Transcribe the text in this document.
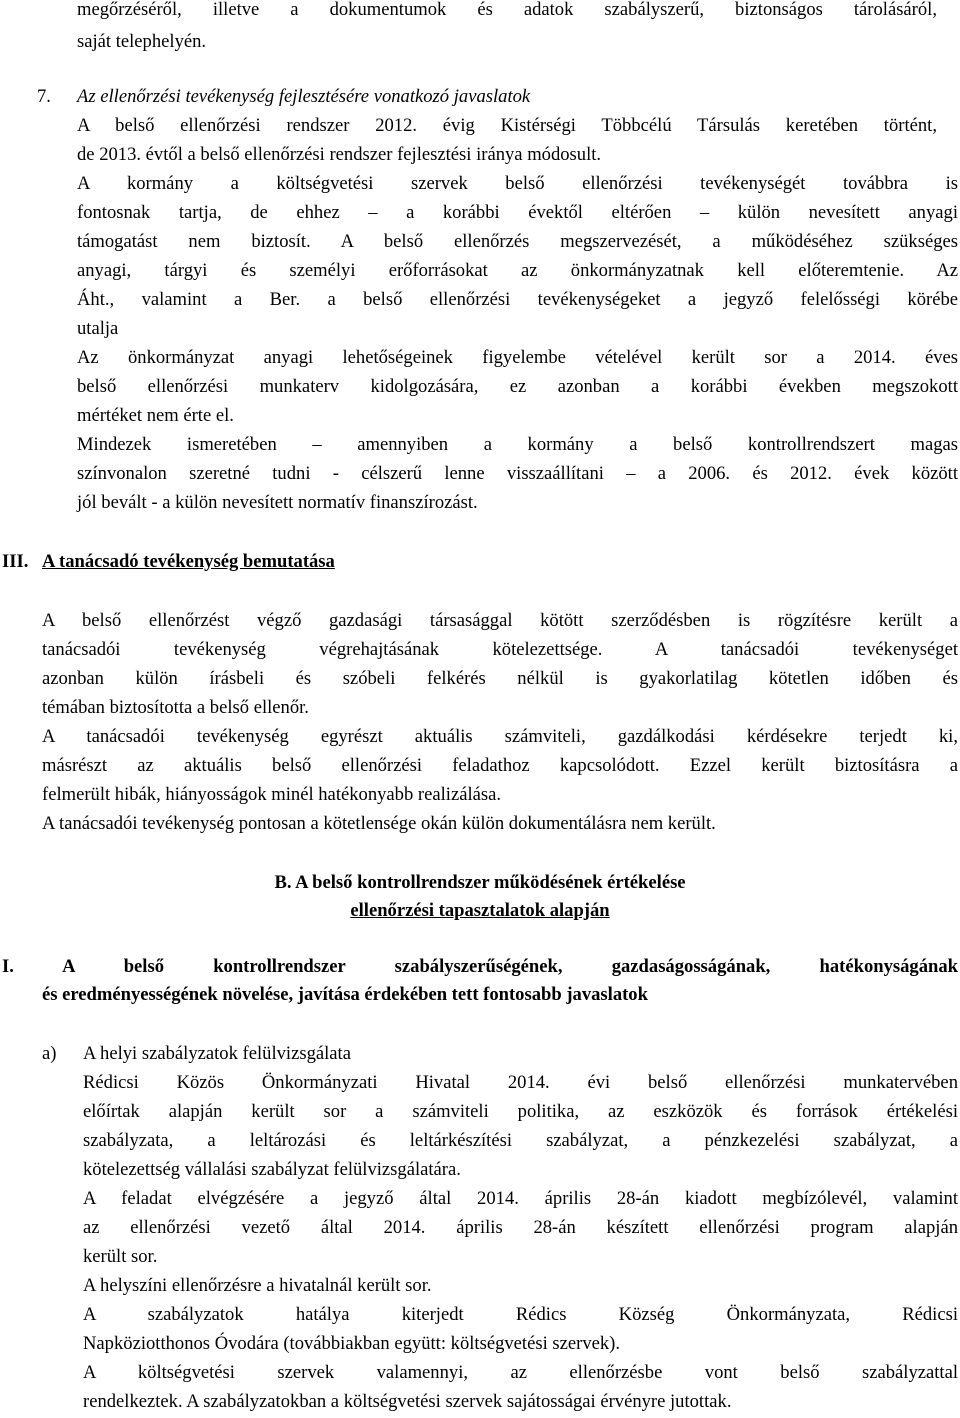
megőrzéséről, illetve a dokumentumok és adatok szabályszerű, biztonságos tárolásáról,
saját telephelyén.
7. Az ellenőrzési tevékenység fejlesztésére vonatkozó javaslatok
A belső ellenőrzési rendszer 2012. évig Kistérségi Többcélú Társulás keretében történt,
de 2013. évtől a belső ellenőrzési rendszer fejlesztési iránya módosult.
A kormány a költségvetési szervek belső ellenőrzési tevékenységét továbbra is
fontosnak tartja, de ehhez – a korábbi évektől eltérően – külön nevesített anyagi
támogatást nem biztosít. A belső ellenőrzés megszervezését, a működéséhez szükséges
anyagi, tárgyi és személyi erőforrásokat az önkormányzatnak kell előteremtenie. Az
Áht., valamint a Ber. a belső ellenőrzési tevékenységeket a jegyző felelősségi körébe
utalja
Az önkormányzat anyagi lehetőségeinek figyelembe vételével került sor a 2014. éves
belső ellenőrzési munkaterv kidolgozására, ez azonban a korábbi években megszokott
mértéket nem érte el.
Mindezek ismeretében – amennyiben a kormány a belső kontrollrendszert magas
színvonalon szeretné tudni - célszerű lenne visszaállítani – a 2006. és 2012. évek között
jól bevált - a külön nevesített normatív finanszírozást.
III. A tanácsadó tevékenység bemutatása
A belső ellenőrzést végző gazdasági társasággal kötött szerződésben is rögzítésre került a
tanácsadói tevékenység végrehajtásának kötelezettsége. A tanácsadói tevékenységet
azonban külön írásbeli és szóbeli felkérés nélkül is gyakorlatilag kötetlen időben és
témában biztosította a belső ellenőr.
A tanácsadói tevékenység egyrészt aktuális számviteli, gazdálkodási kérdésekre terjedt ki,
másrészt az aktuális belső ellenőrzési feladathoz kapcsolódott. Ezzel került biztosításra a
felmerült hibák, hiányosságok minél hatékonyabb realizálása.
A tanácsadói tevékenység pontosan a kötetlensége okán külön dokumentálásra nem került.
B. A belső kontrollrendszer működésének értékelése
ellenőrzési tapasztalatok alapján
I. A belső kontrollrendszer szabályszerűségének, gazdaságosságának, hatékonyságának
és eredményességének növelése, javítása érdekében tett fontosabb javaslatok
a) A helyi szabályzatok felülvizsgálata
Rédicsi Közös Önkormányzati Hivatal 2014. évi belső ellenőrzési munkatervében
előírtak alapján került sor a számviteli politika, az eszközök és források értékelési
szabályzata, a leltározási és leltárkészítési szabályzat, a pénzkezelési szabályzat, a
kötelezettség vállalási szabályzat felülvizsgálatára.
A feladat elvégzésére a jegyző által 2014. április 28-án kiadott megbízólevél, valamint
az ellenőrzési vezető által 2014. április 28-án készített ellenőrzési program alapján
került sor.
A helyszíni ellenőrzésre a hivatalnál került sor.
A szabályzatok hatálya kiterjedt Rédics Község Önkormányzata, Rédicsi
Napköziotthonos Óvodára (továbbiakban együtt: költségvetési szervek).
A költségvetési szervek valamennyi, az ellenőrzésbe vont belső szabályzattal
rendelkeztek. A szabályzatokban a költségvetési szervek sajátosságai érvényre jutottak.
